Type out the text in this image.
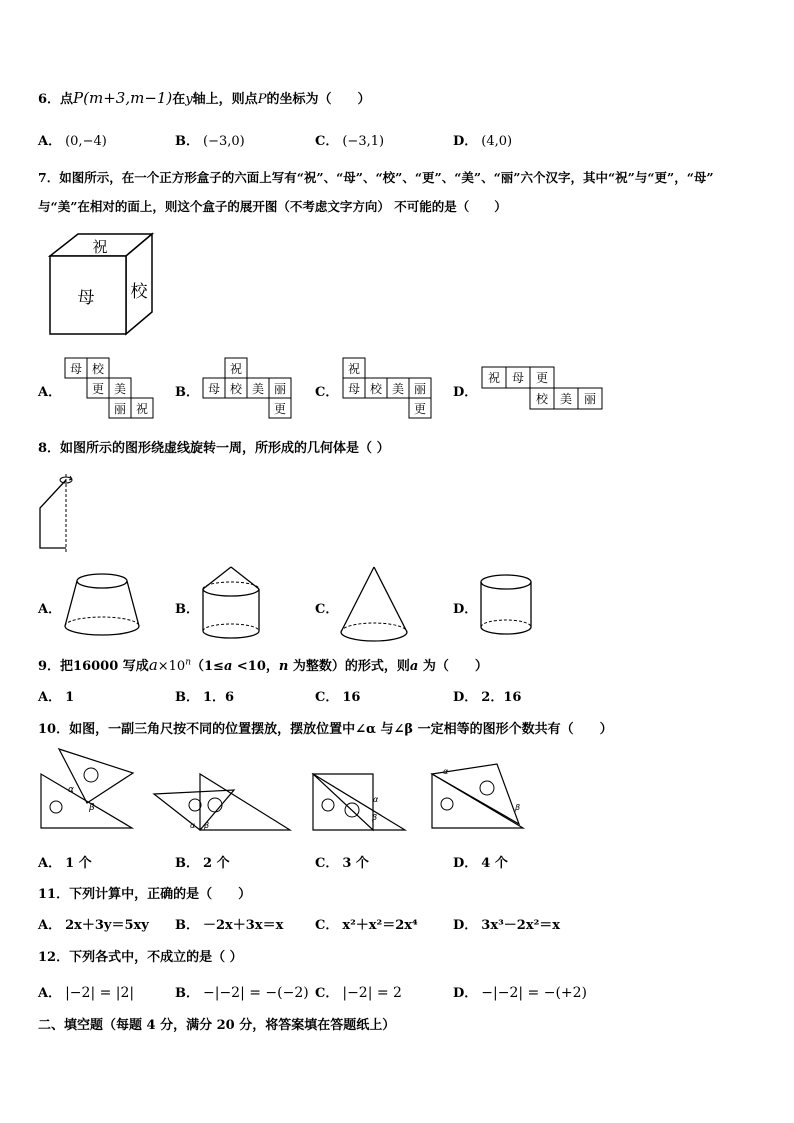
6．点P(m+3,m−1)在y轴上，则点P的坐标为（　　）
A． (0,−4)	B． (−3,0)	C． (−3,1)	D． (4,0)
7．如图所示，在一个正方形盒子的六面上写有“祝”、“母”、“校”、“更”、“美”、“丽”六个汉字，其中“祝”与“更”，“母”
与“美”在相对的面上，则这个盒子的展开图（不考虑文字方向） 不可能的是（　　）
祝
母 校
A．	B．	C．	D．
母 校
更 美
丽 祝
祝
母 校 美 丽
更
祝
母 校 美 丽
更
祝 母 更
校 美 丽
8．如图所示的图形绕虚线旋转一周，所形成的几何体是（ ）
A．	B．	C．	D．
9．把16000 写成$a\times 10^n(1\le a <10$，n 为整数）的形式，则a 为（　　）
A． 1	B． 1．6	C． 16	D． 2．16
10．如图，一副三角尺按不同的位置摆放，摆放位置中∠α 与∠β 一定相等的图形个数共有（　　）
α
β
α β
α
β
α
β
A． 1 个	B． 2 个	C． 3 个	D． 4 个
11．下列计算中，正确的是（　　）
A． 2x＋3y＝5xy	B． －2x＋3x＝x	C． x²＋x²＝2x⁴	D． 3x³－2x²＝x
12．下列各式中，不成立的是（ ）
A． |−2| = |2|	B． −|−2| = −(−2) C． |−2| = 2	D． −|−2| = −(+2)
二、填空题（每题 4 分，满分 20 分，将答案填在答题纸上）
